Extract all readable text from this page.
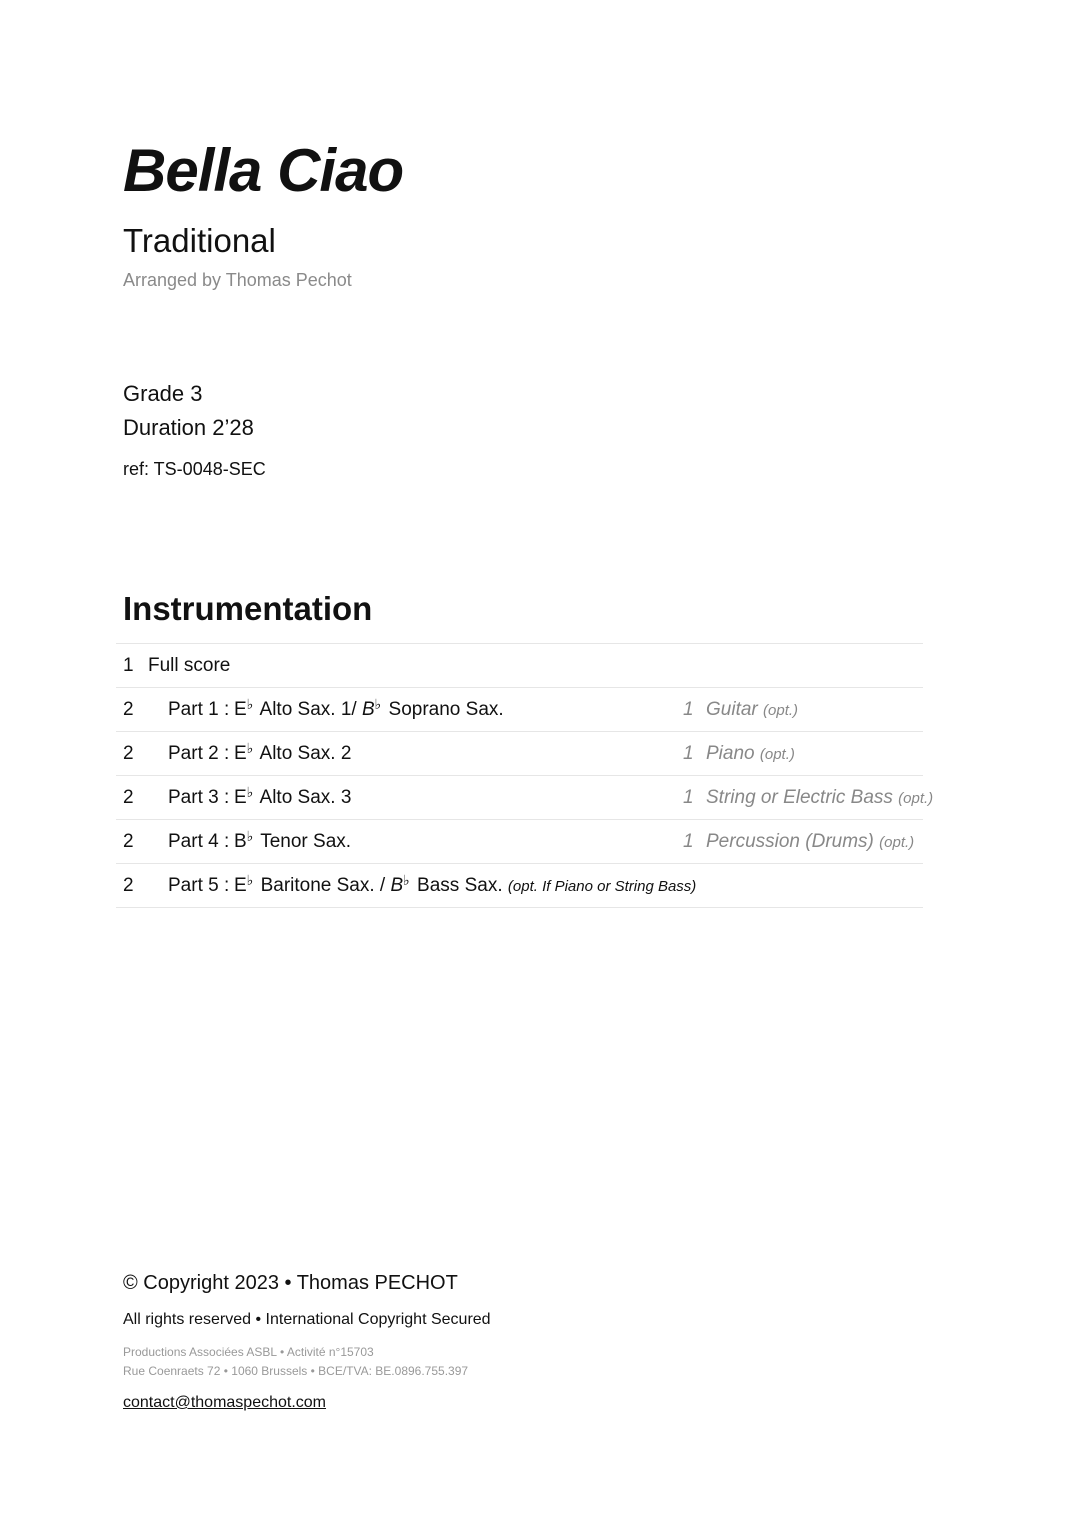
Bella Ciao
Traditional
Arranged by Thomas Pechot
Grade 3
Duration 2’28
ref: TS-0048-SEC
Instrumentation
1 Full score
2 Part 1 : E♭ Alto Sax. 1/ B♭ Soprano Sax.	1 Guitar (opt.)
2 Part 2 : E♭ Alto Sax. 2	1 Piano (opt.)
2 Part 3 : E♭ Alto Sax. 3	1 String or Electric Bass (opt.)
2 Part 4 : B♭ Tenor Sax.	1 Percussion (Drums) (opt.)
2 Part 5 : E♭ Baritone Sax. / B♭ Bass Sax. (opt. If Piano or String Bass)
© Copyright 2023 • Thomas PECHOT
All rights reserved • International Copyright Secured
Productions Associées ASBL • Activité n°15703
Rue Coenraets 72 • 1060 Brussels • BCE/TVA: BE.0896.755.397
contact@thomaspechot.com
